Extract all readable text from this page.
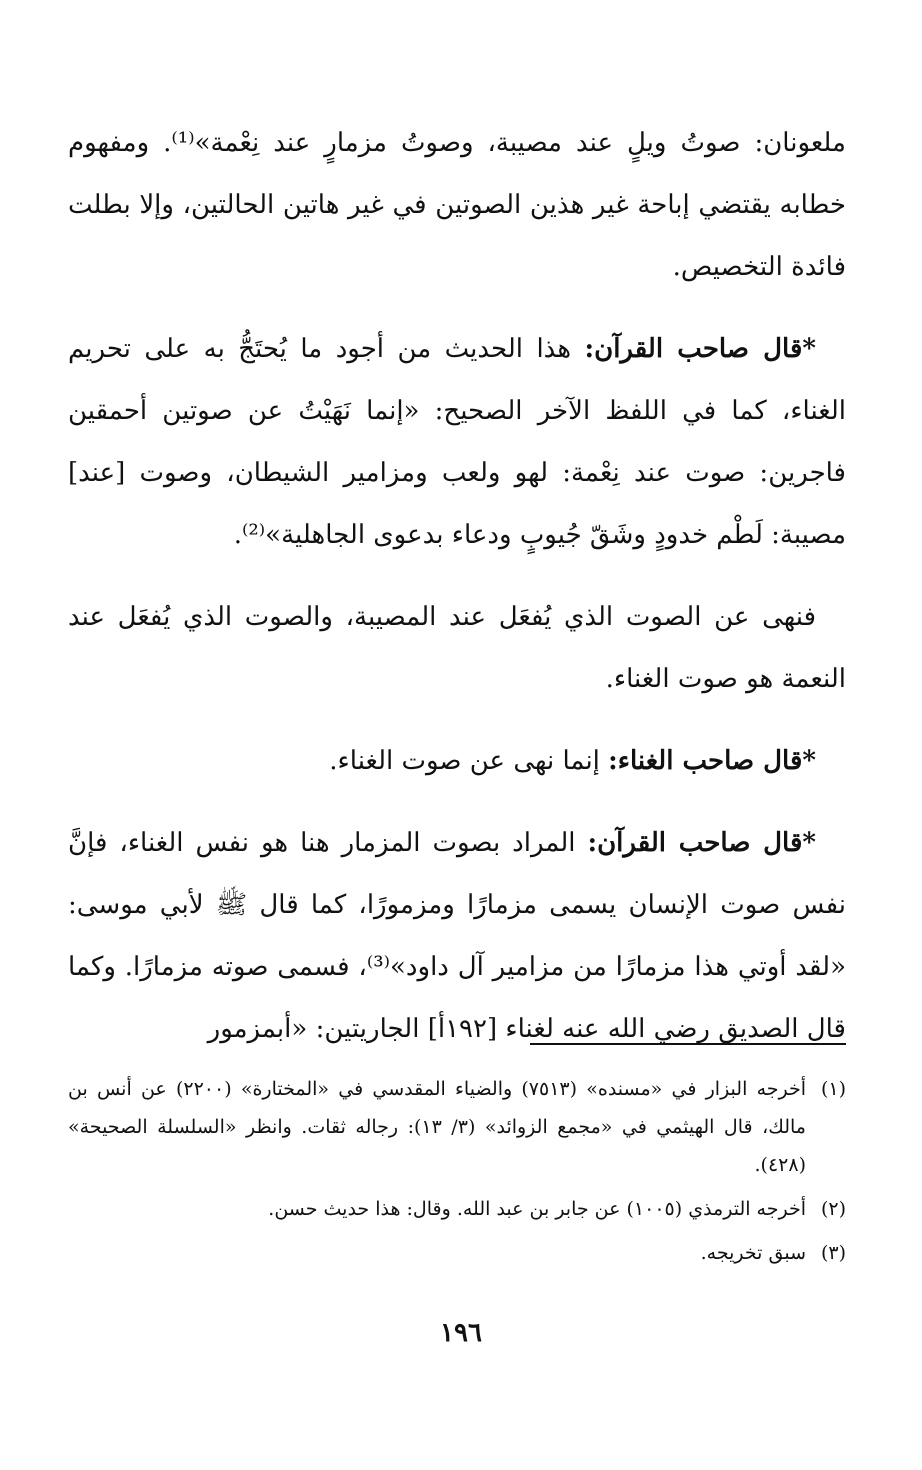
ملعونان: صوتُ ويلٍ عند مصيبة، وصوتُ مزمارٍ عند نِعْمة»⁽¹⁾. ومفهوم خطابه يقتضي إباحة غير هذين الصوتين في غير هاتين الحالتين، وإلا بطلت فائدة التخصيص.

*قال صاحب القرآن: هذا الحديث من أجود ما يُحتَجُّ به على تحريم الغناء، كما في اللفظ الآخر الصحيح: «إنما نَهَيْتُ عن صوتين أحمقين فاجرين: صوت عند نِعْمة: لهو ولعب ومزامير الشيطان، وصوت [عند] مصيبة: لَطْم خدودٍ وشَقّ جُيوبٍ ودعاء بدعوى الجاهلية»⁽²⁾.

فنهى عن الصوت الذي يُفعَل عند المصيبة، والصوت الذي يُفعَل عند النعمة هو صوت الغناء.

*قال صاحب الغناء: إنما نهى عن صوت الغناء.

*قال صاحب القرآن: المراد بصوت المزمار هنا هو نفس الغناء، فإنَّ نفس صوت الإنسان يسمى مزمارًا ومزمورًا، كما قال ﷺ لأبي موسى: «لقد أوتي هذا مزمارًا من مزامير آل داود»⁽³⁾، فسمى صوته مزمارًا. وكما قال الصديق رضي الله عنه لغناء [١٩٢أ] الجاريتين: «أبمزمور

(١)
أخرجه البزار في «مسنده» (٧٥١٣) والضياء المقدسي في «المختارة» (٢٢٠٠) عن أنس بن مالك، قال الهيثمي في «مجمع الزوائد» (٣/ ١٣): رجاله ثقات. وانظر «السلسلة الصحيحة» (٤٢٨).
(٢)
أخرجه الترمذي (١٠٠٥) عن جابر بن عبد الله. وقال: هذا حديث حسن.
(٣)
سبق تخريجه.
١٩٦
